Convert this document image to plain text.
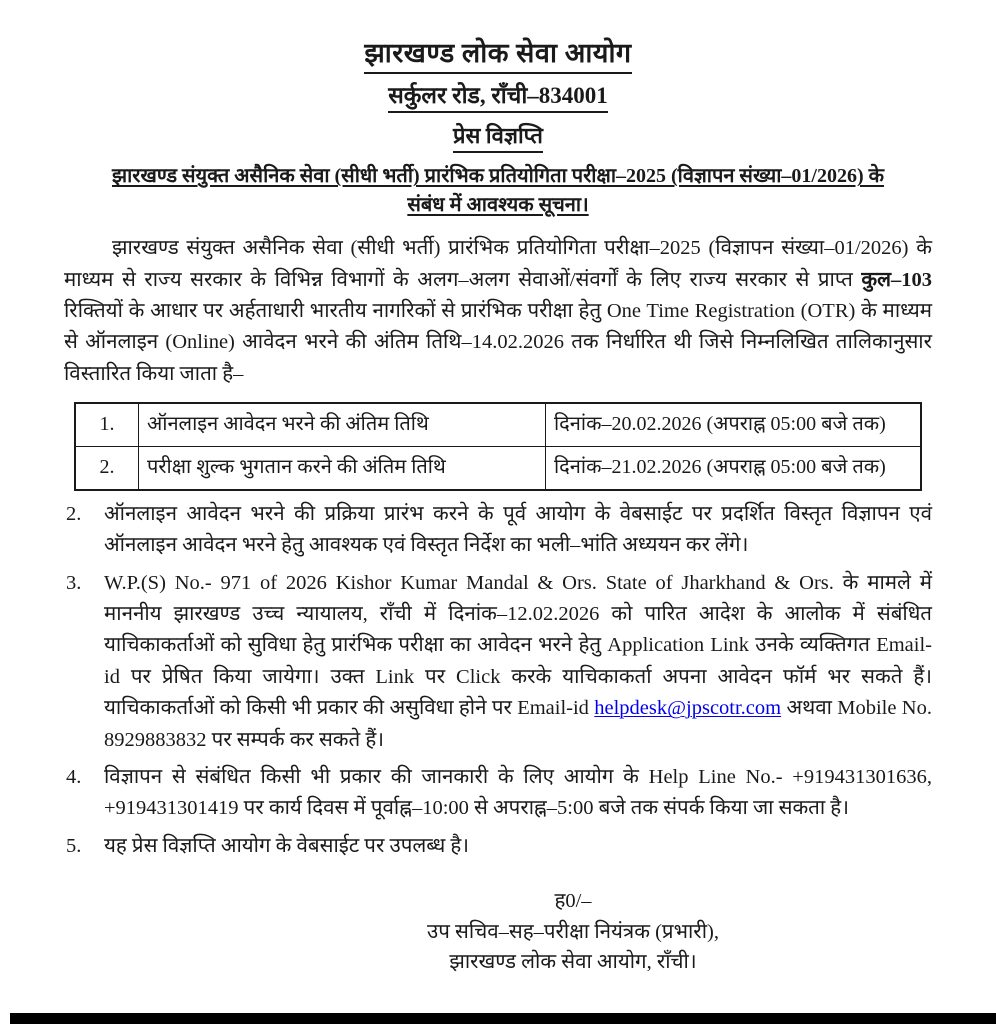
झारखण्ड लोक सेवा आयोग
सर्कुलर रोड, राँची–834001
प्रेस विज्ञप्ति
झारखण्ड संयुक्त असैनिक सेवा (सीधी भर्ती) प्रारंभिक प्रतियोगिता परीक्षा–2025 (विज्ञापन संख्या–01/2026) के संबंध में आवश्यक सूचना।

झारखण्ड संयुक्त असैनिक सेवा (सीधी भर्ती) प्रारंभिक प्रतियोगिता परीक्षा–2025 (विज्ञापन संख्या–01/2026) के माध्यम से राज्य सरकार के विभिन्न विभागों के अलग–अलग सेवाओं/संवर्गों के लिए राज्य सरकार से प्राप्त कुल–103 रिक्तियों के आधार पर अर्हताधारी भारतीय नागरिकों से प्रारंभिक परीक्षा हेतु One Time Registration (OTR) के माध्यम से ऑनलाइन (Online) आवेदन भरने की अंतिम तिथि–14.02.2026 तक निर्धारित थी जिसे निम्नलिखित तालिकानुसार विस्तारित किया जाता है–

1.	ऑनलाइन आवेदन भरने की अंतिम तिथि	दिनांक–20.02.2026 (अपराह्न 05:00 बजे तक)
2.	परीक्षा शुल्क भुगतान करने की अंतिम तिथि	दिनांक–21.02.2026 (अपराह्न 05:00 बजे तक)
2.	ऑनलाइन आवेदन भरने की प्रक्रिया प्रारंभ करने के पूर्व आयोग के वेबसाईट पर प्रदर्शित विस्तृत विज्ञापन एवं ऑनलाइन आवेदन भरने हेतु आवश्यक एवं विस्तृत निर्देश का भली–भांति अध्ययन कर लेंगे।
3.	W.P.(S) No.- 971 of 2026 Kishor Kumar Mandal & Ors. State of Jharkhand & Ors. के मामले में माननीय झारखण्ड उच्च न्यायालय, राँची में दिनांक–12.02.2026 को पारित आदेश के आलोक में संबंधित याचिकाकर्ताओं को सुविधा हेतु प्रारंभिक परीक्षा का आवेदन भरने हेतु Application Link उनके व्यक्तिगत Email-id पर प्रेषित किया जायेगा। उक्त Link पर Click करके याचिकाकर्ता अपना आवेदन फॉर्म भर सकते हैं। याचिकाकर्ताओं को किसी भी प्रकार की असुविधा होने पर Email-id helpdesk@jpscotr.com अथवा Mobile No. 8929883832 पर सम्पर्क कर सकते हैं।
4.	विज्ञापन से संबंधित किसी भी प्रकार की जानकारी के लिए आयोग के Help Line No.- +919431301636, +919431301419 पर कार्य दिवस में पूर्वाह्न–10:00 से अपराह्न–5:00 बजे तक संपर्क किया जा सकता है।
5.	यह प्रेस विज्ञप्ति आयोग के वेबसाईट पर उपलब्ध है।
ह0/–
उप सचिव–सह–परीक्षा नियंत्रक (प्रभारी),
झारखण्ड लोक सेवा आयोग, राँची।
